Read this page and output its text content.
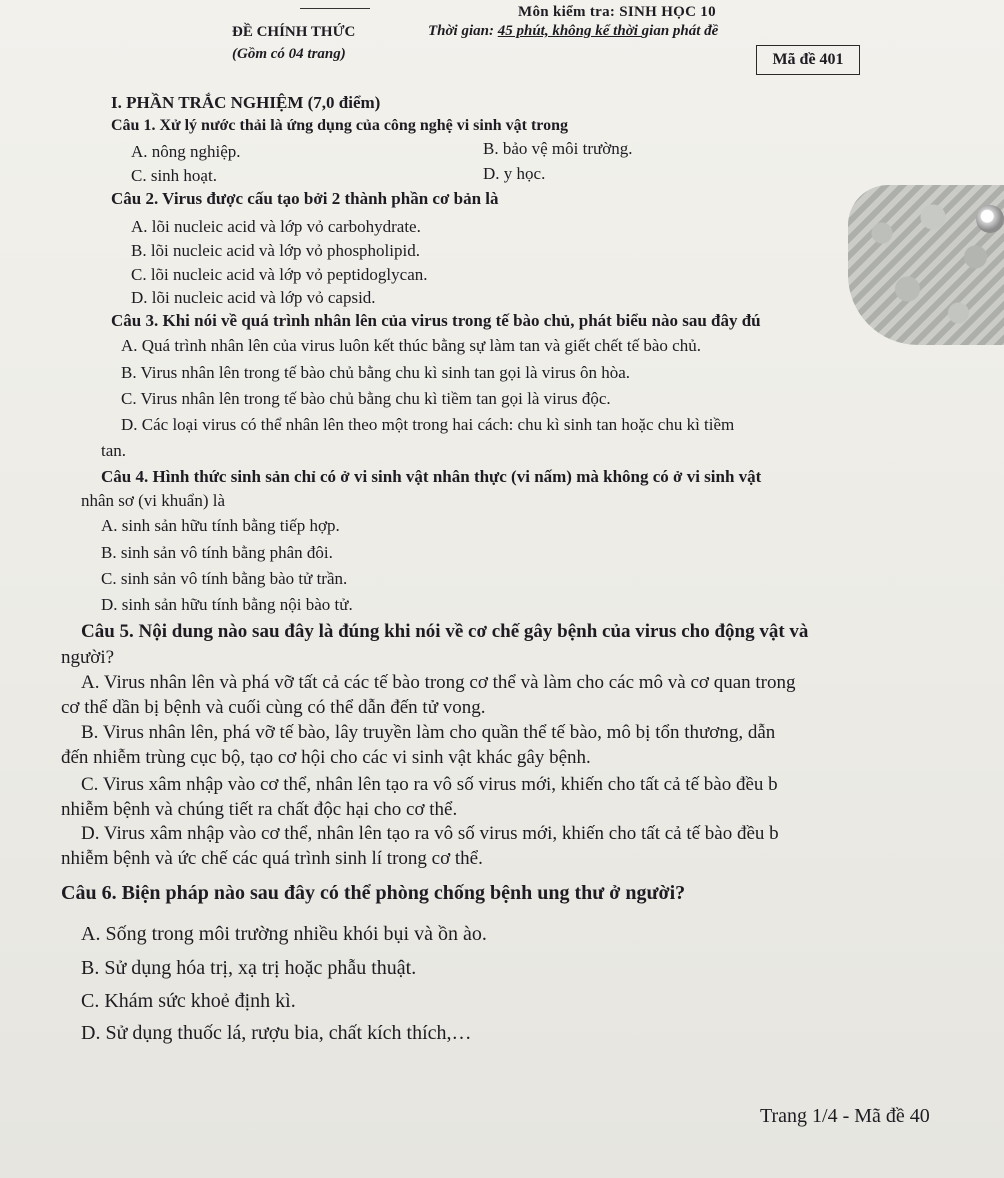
Môn kiểm tra: SINH HỌC 10
ĐỀ CHÍNH THỨC	Thời gian: 45 phút, không kể thời gian phát đề
(Gồm có 04 trang)	Mã đề 401
I. PHẦN TRẮC NGHIỆM (7,0 điểm)
Câu 1. Xử lý nước thải là ứng dụng của công nghệ vi sinh vật trong
A. nông nghiệp.	B. bảo vệ môi trường.
C. sinh hoạt.	D. y học.
Câu 2. Virus được cấu tạo bởi 2 thành phần cơ bản là
A. lõi nucleic acid và lớp vỏ carbohydrate.
B. lõi nucleic acid và lớp vỏ phospholipid.
C. lõi nucleic acid và lớp vỏ peptidoglycan.
D. lõi nucleic acid và lớp vỏ capsid.
Câu 3. Khi nói về quá trình nhân lên của virus trong tế bào chủ, phát biểu nào sau đây đú
A. Quá trình nhân lên của virus luôn kết thúc bằng sự làm tan và giết chết tế bào chủ.
B. Virus nhân lên trong tế bào chủ bằng chu kì sinh tan gọi là virus ôn hòa.
C. Virus nhân lên trong tế bào chủ bằng chu kì tiềm tan gọi là virus độc.
D. Các loại virus có thể nhân lên theo một trong hai cách: chu kì sinh tan hoặc chu kì tiềm
tan.
Câu 4. Hình thức sinh sản chỉ có ở vi sinh vật nhân thực (vi nấm) mà không có ở vi sinh vật
nhân sơ (vi khuẩn) là
A. sinh sản hữu tính bằng tiếp hợp.
B. sinh sản vô tính bằng phân đôi.
C. sinh sản vô tính bằng bào tử trần.
D. sinh sản hữu tính bằng nội bào tử.
Câu 5. Nội dung nào sau đây là đúng khi nói về cơ chế gây bệnh của virus cho động vật và
người?
A. Virus nhân lên và phá vỡ tất cả các tế bào trong cơ thể và làm cho các mô và cơ quan trong
cơ thể dần bị bệnh và cuối cùng có thể dẫn đến tử vong.
B. Virus nhân lên, phá vỡ tế bào, lây truyền làm cho quần thể tế bào, mô bị tổn thương, dẫn
đến nhiễm trùng cục bộ, tạo cơ hội cho các vi sinh vật khác gây bệnh.
C. Virus xâm nhập vào cơ thể, nhân lên tạo ra vô số virus mới, khiến cho tất cả tế bào đều b
nhiễm bệnh và chúng tiết ra chất độc hại cho cơ thể.
D. Virus xâm nhập vào cơ thể, nhân lên tạo ra vô số virus mới, khiến cho tất cả tế bào đều b
nhiễm bệnh và ức chế các quá trình sinh lí trong cơ thể.
Câu 6. Biện pháp nào sau đây có thể phòng chống bệnh ung thư ở người?
A. Sống trong môi trường nhiều khói bụi và ồn ào.
B. Sử dụng hóa trị, xạ trị hoặc phẫu thuật.
C. Khám sức khoẻ định kì.
D. Sử dụng thuốc lá, rượu bia, chất kích thích,…
Trang 1/4 - Mã đề 40
